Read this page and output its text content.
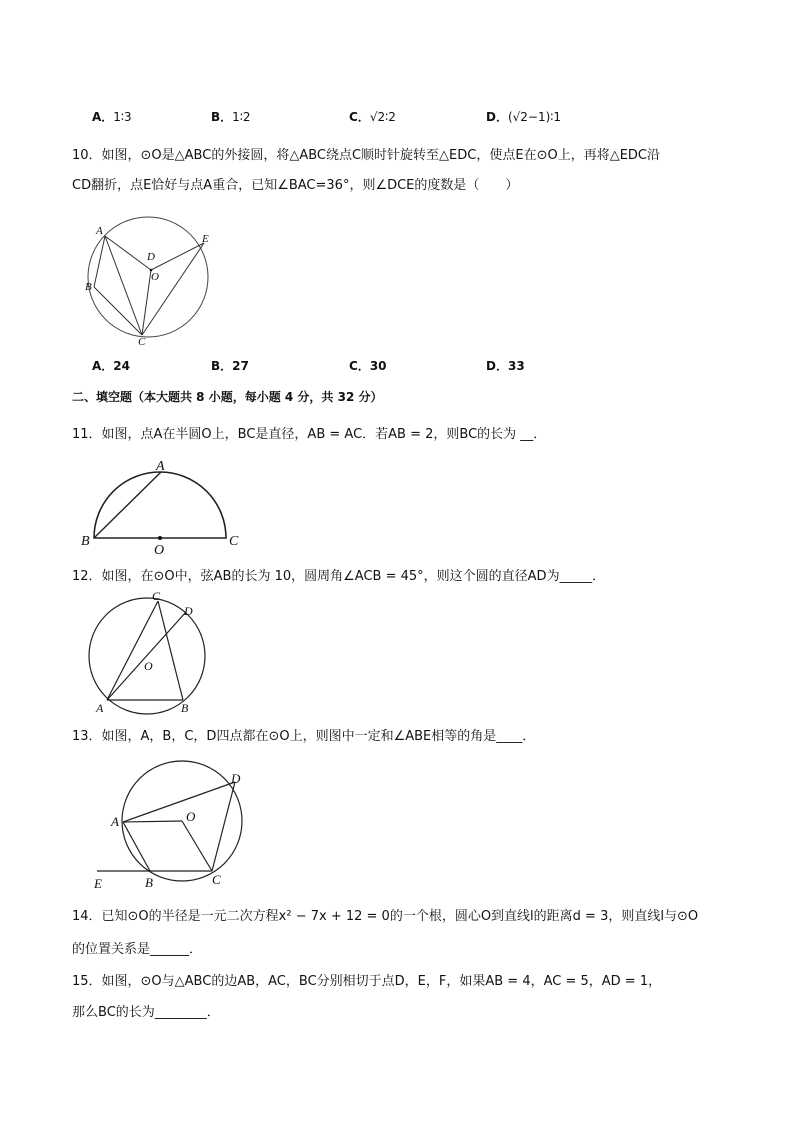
A．1∶3	B．1∶2	C．√2∶2	D．(√2−1)∶1
10．如图，⊙O是△ABC的外接圆，将△ABC绕点C顺时针旋转至△EDC，使点E在⊙O上，再将△EDC沿
CD翻折，点E恰好与点A重合，已知∠BAC=36°，则∠DCE的度数是（　　）
A
B
C
D
E
O
A．24	B．27	C．30	D．33
二、填空题（本大题共 8 小题，每小题 4 分，共 32 分）
11．如图，点A在半圆O上，BC是直径，AB = AC．若AB = 2，则BC的长为 __．
A
B
O
C
12．如图，在⊙O中，弦AB的长为 10，圆周角∠ACB = 45°，则这个圆的直径AD为_____．
C
D
O
A	B
13．如图，A，B，C，D四点都在⊙O上，则图中一定和∠ABE相等的角是____．
D
O
A
E	B	C
14．已知⊙O的半径是一元二次方程x² − 7x + 12 = 0的一个根，圆心O到直线l的距离d = 3，则直线l与⊙O
的位置关系是______．
15．如图，⊙O与△ABC的边AB，AC，BC分别相切于点D，E，F，如果AB = 4，AC = 5，AD = 1，
那么BC的长为________．
